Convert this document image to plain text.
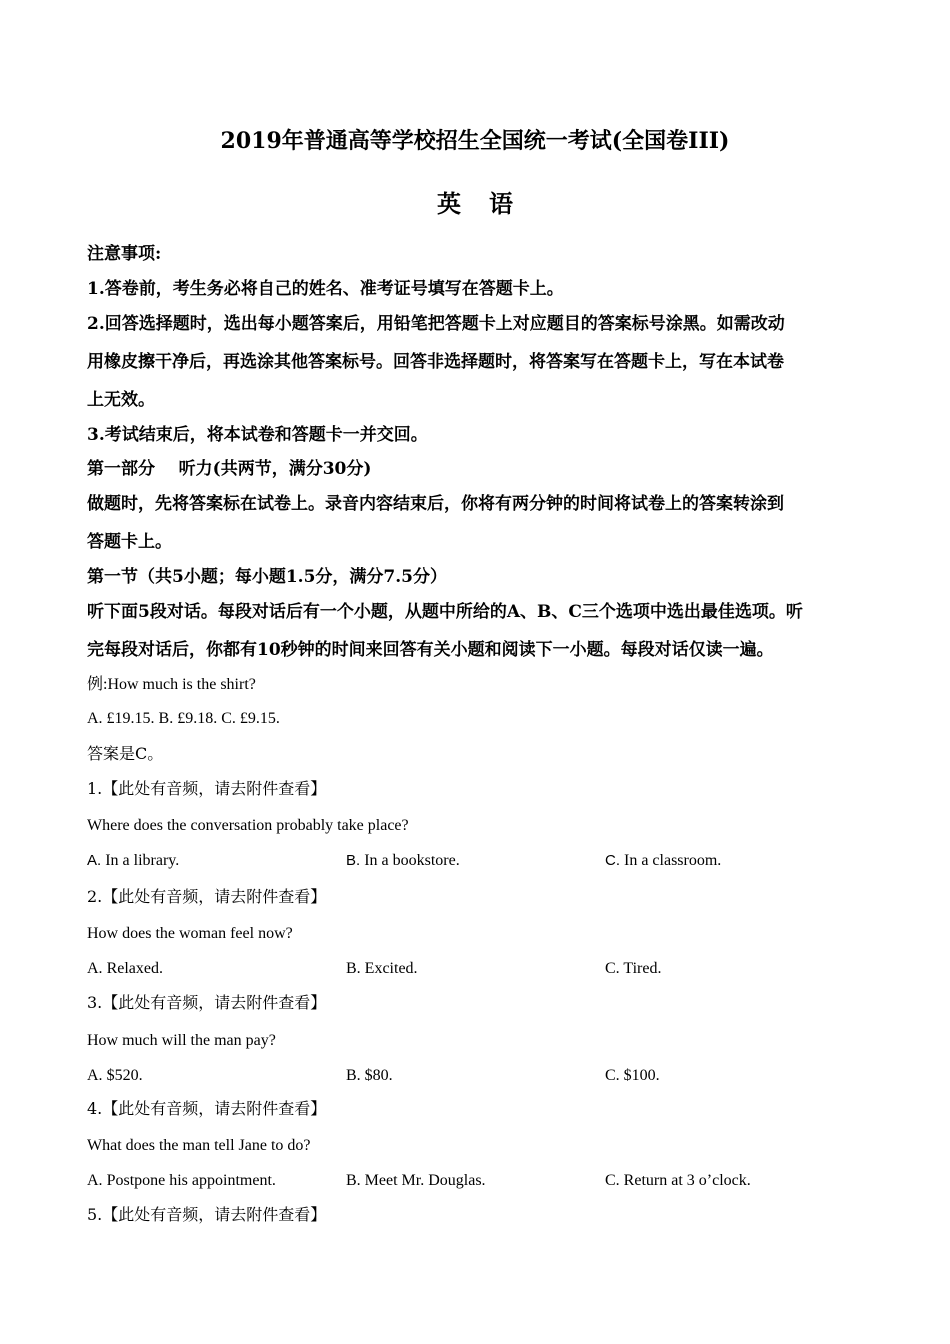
2019年普通高等学校招生全国统一考试(全国卷III)
英语
注意事项:
1.答卷前，考生务必将自己的姓名、准考证号填写在答题卡上。
2.回答选择题时，选出每小题答案后，用铅笔把答题卡上对应题目的答案标号涂黑。如需改动
用橡皮擦干净后，再选涂其他答案标号。回答非选择题时，将答案写在答题卡上，写在本试卷
上无效。
3.考试结束后，将本试卷和答题卡一并交回。
第一部分    听力(共两节，满分30分)
做题时，先将答案标在试卷上。录音内容结束后，你将有两分钟的时间将试卷上的答案转涂到
答题卡上。
第一节（共5小题；每小题1.5分，满分7.5分）
听下面5段对话。每段对话后有一个小题，从题中所给的A、B、C三个选项中选出最佳选项。听
完每段对话后，你都有10秒钟的时间来回答有关小题和阅读下一小题。每段对话仅读一遍。
例:How much is the shirt?
A. £19.15. B. £9.18. C. £9.15.
答案是C。
1.【此处有音频，请去附件查看】
Where does the conversation probably take place?
A. In a library.	B. In a bookstore.	C. In a classroom.
2.【此处有音频，请去附件查看】
How does the woman feel now?
A. Relaxed.	B. Excited.	C. Tired.
3.【此处有音频，请去附件查看】
How much will the man pay?
A. $520.	B. $80.	C. $100.
4.【此处有音频，请去附件查看】
What does the man tell Jane to do?
A. Postpone his appointment.	B. Meet Mr. Douglas.	C. Return at 3 o’clock.
5.【此处有音频，请去附件查看】
